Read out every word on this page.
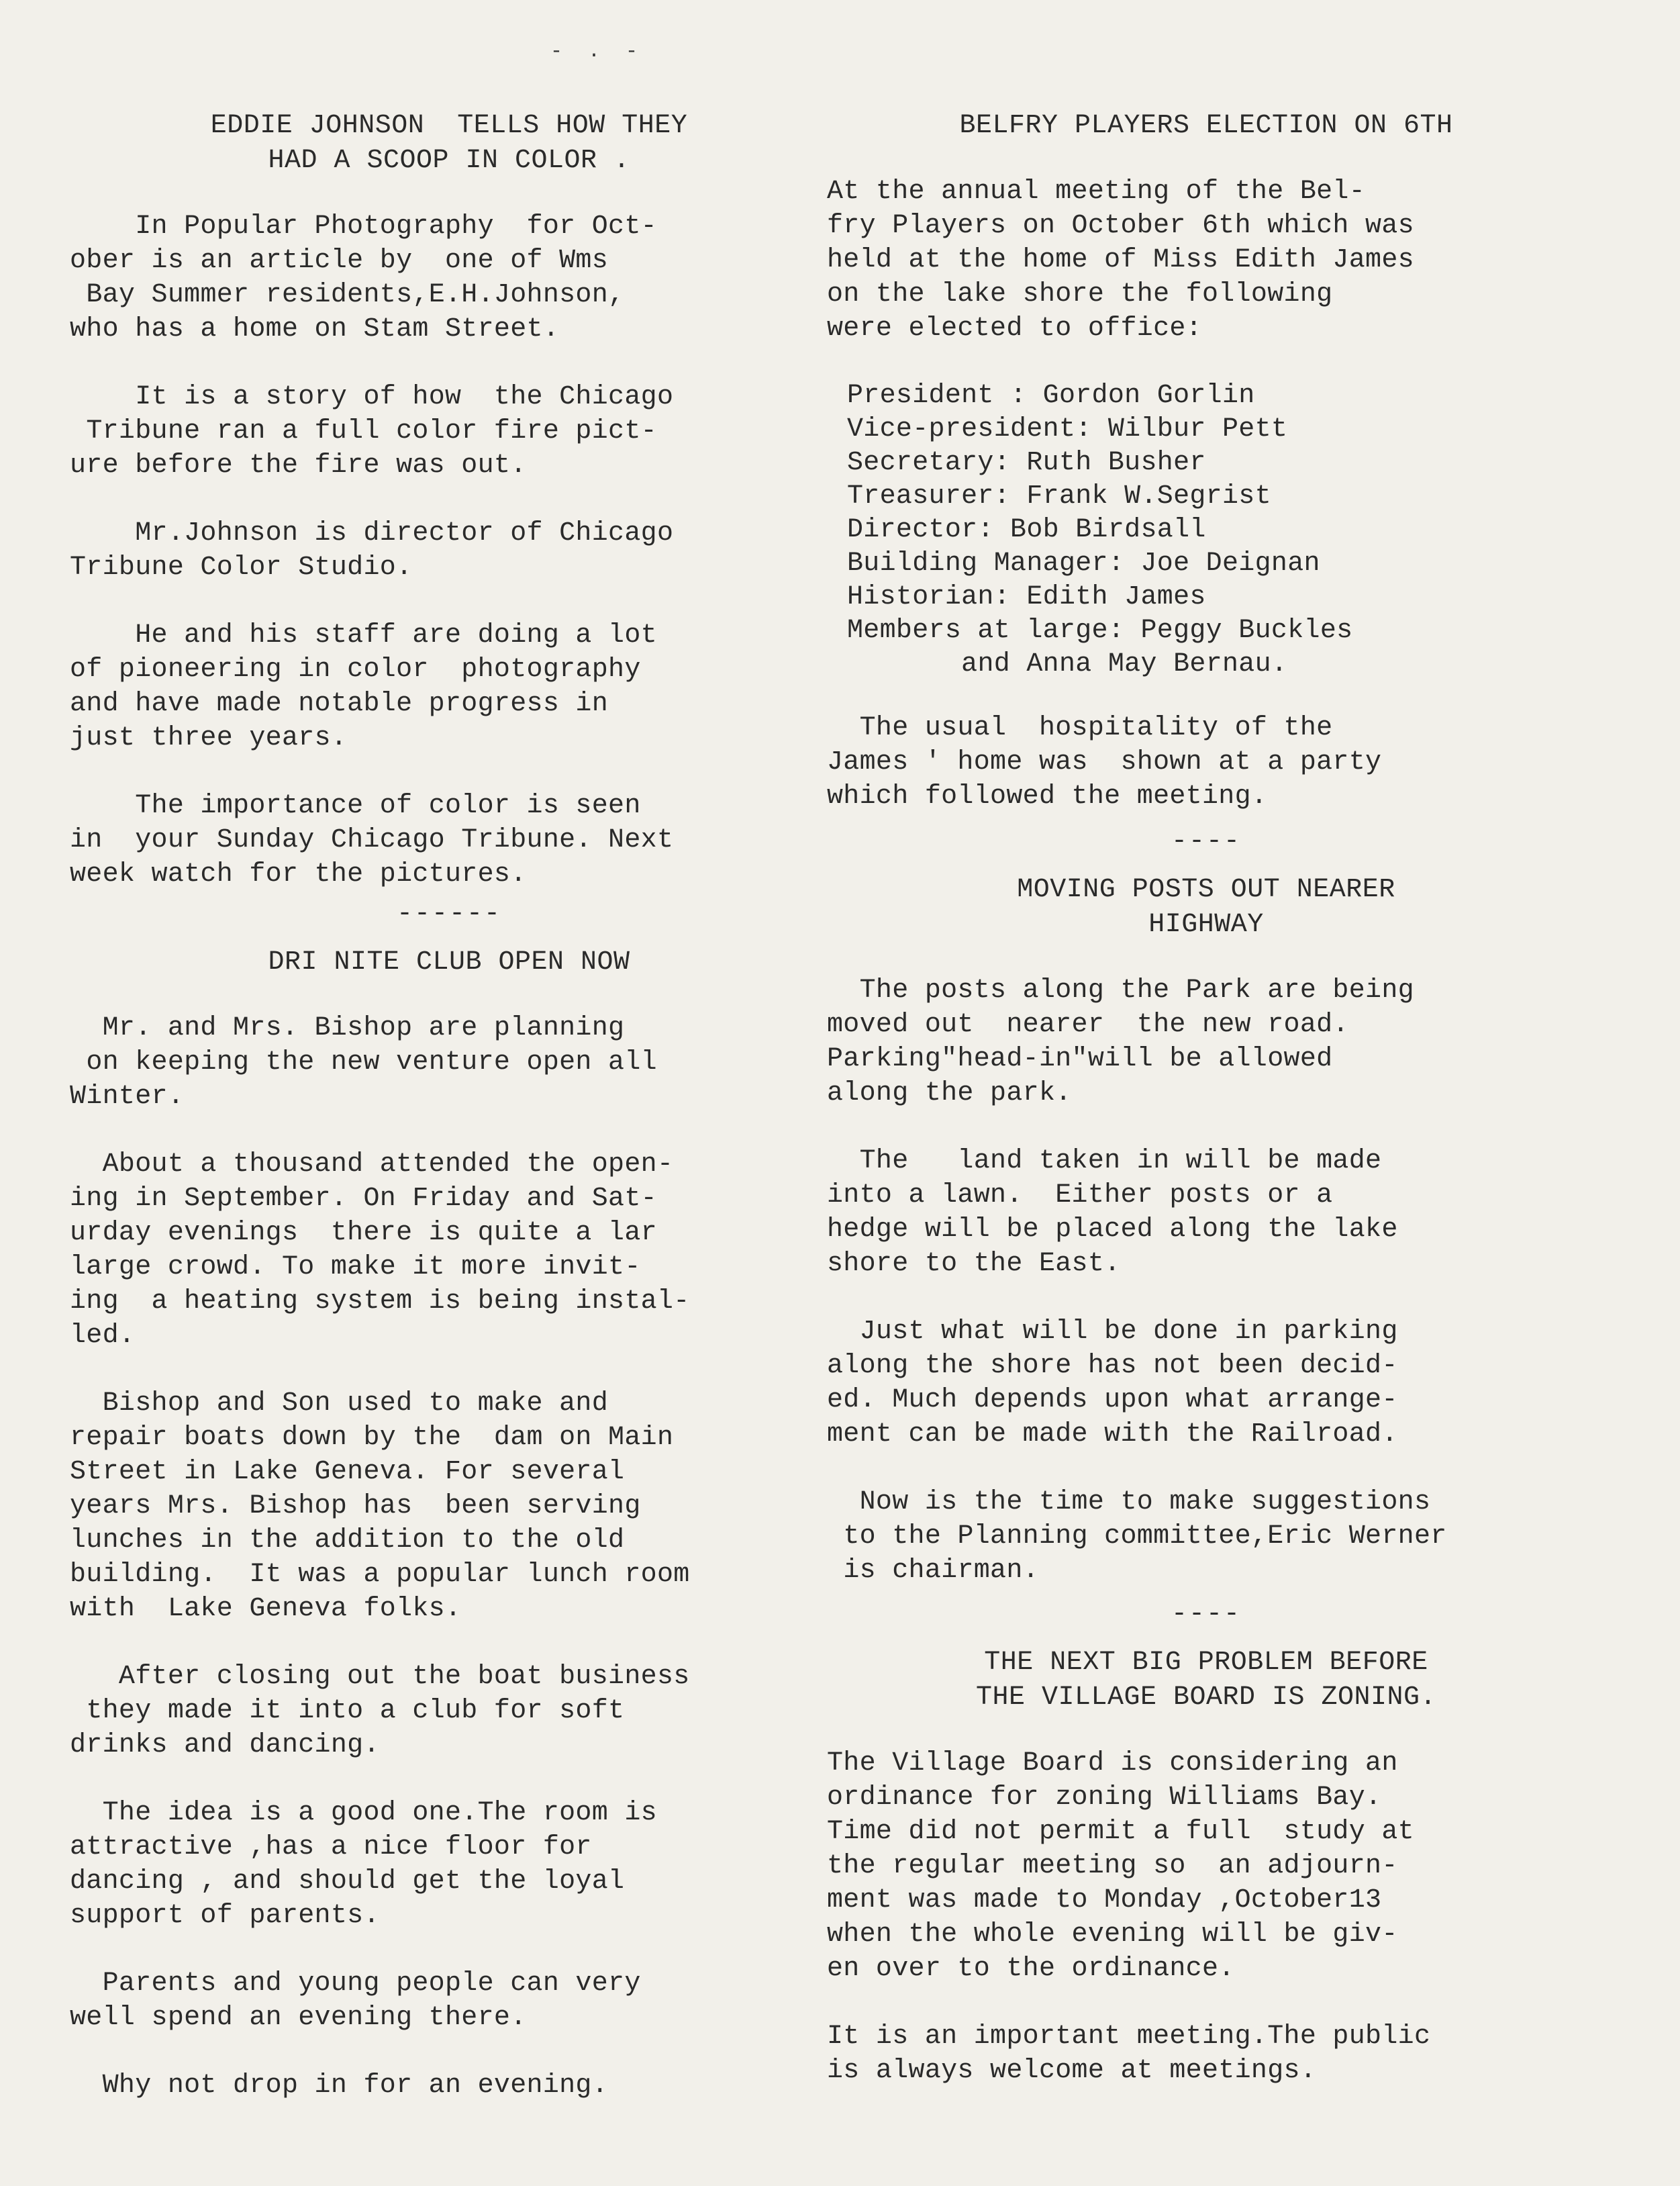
- . -
EDDIE JOHNSON  TELLS HOW THEY
HAD A SCOOP IN COLOR .
In Popular Photography  for Oct-
ober is an article by  one of Wms
Bay Summer residents,E.H.Johnson,
who has a home on Stam Street.
It is a story of how  the Chicago
Tribune ran a full color fire pict-
ure before the fire was out.
Mr.Johnson is director of Chicago
Tribune Color Studio.
He and his staff are doing a lot
of pioneering in color  photography
and have made notable progress in
just three years.
The importance of color is seen
in  your Sunday Chicago Tribune. Next
week watch for the pictures.
------
DRI NITE CLUB OPEN NOW
Mr. and Mrs. Bishop are planning
on keeping the new venture open all
Winter.
About a thousand attended the open-
ing in September. On Friday and Sat-
urday evenings  there is quite a lar
large crowd. To make it more invit-
ing  a heating system is being instal-
led.
Bishop and Son used to make and
repair boats down by the  dam on Main
Street in Lake Geneva. For several
years Mrs. Bishop has  been serving
lunches in the addition to the old
building.  It was a popular lunch room
with  Lake Geneva folks.
After closing out the boat business
they made it into a club for soft
drinks and dancing.
The idea is a good one.The room is
attractive ,has a nice floor for
dancing , and should get the loyal
support of parents.
Parents and young people can very
well spend an evening there.
Why not drop in for an evening.
BELFRY PLAYERS ELECTION ON 6TH
At the annual meeting of the Bel-
fry Players on October 6th which was
held at the home of Miss Edith James
on the lake shore the following
were elected to office:
President : Gordon Gorlin
Vice-president: Wilbur Pett
Secretary: Ruth Busher
Treasurer: Frank W.Segrist
Director: Bob Birdsall
Building Manager: Joe Deignan
Historian: Edith James
Members at large: Peggy Buckles
and Anna May Bernau.
The usual  hospitality of the
James ' home was  shown at a party
which followed the meeting.
----
MOVING POSTS OUT NEARER
HIGHWAY
The posts along the Park are being
moved out  nearer  the new road.
Parking"head-in"will be allowed
along the park.
The   land taken in will be made
into a lawn.  Either posts or a
hedge will be placed along the lake
shore to the East.
Just what will be done in parking
along the shore has not been decid-
ed. Much depends upon what arrange-
ment can be made with the Railroad.
Now is the time to make suggestions
to the Planning committee,Eric Werner
is chairman.
----
THE NEXT BIG PROBLEM BEFORE
THE VILLAGE BOARD IS ZONING.
The Village Board is considering an
ordinance for zoning Williams Bay.
Time did not permit a full  study at
the regular meeting so  an adjourn-
ment was made to Monday ,October13
when the whole evening will be giv-
en over to the ordinance.
It is an important meeting.The public
is always welcome at meetings.
